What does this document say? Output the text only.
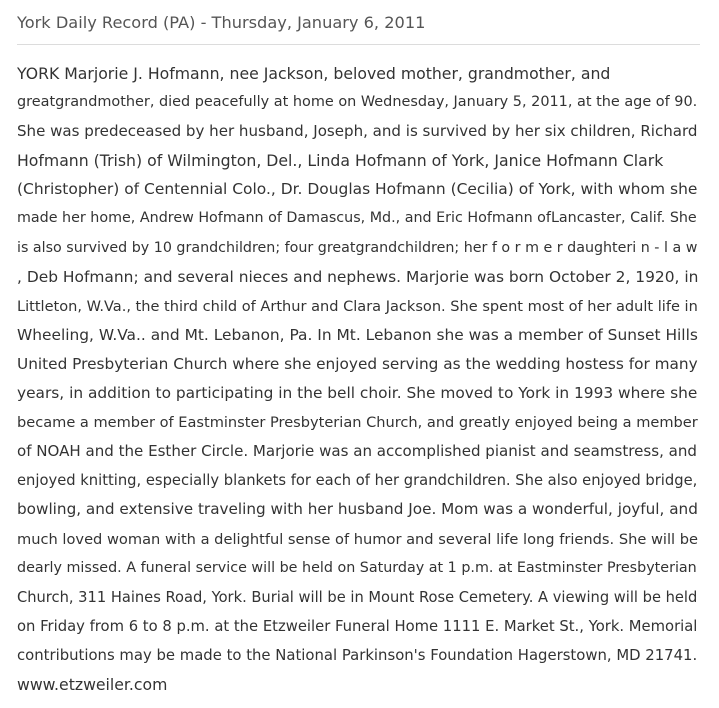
York Daily Record (PA) - Thursday, January 6, 2011
YORK Marjorie J. Hofmann, nee Jackson, beloved mother, grandmother, and
greatgrandmother, died peacefully at home on Wednesday, January 5, 2011, at the age of 90.
She was predeceased by her husband, Joseph, and is survived by her six children, Richard
Hofmann (Trish) of Wilmington, Del., Linda Hofmann of York, Janice Hofmann Clark
(Christopher) of Centennial Colo., Dr. Douglas Hofmann (Cecilia) of York, with whom she
made her home, Andrew Hofmann of Damascus, Md., and Eric Hofmann ofLancaster, Calif. She
is also survived by 10 grandchildren; four greatgrandchildren; her f o r m e r daughteri n - l a w
, Deb Hofmann; and several nieces and nephews. Marjorie was born October 2, 1920, in
Littleton, W.Va., the third child of Arthur and Clara Jackson. She spent most of her adult life in
Wheeling, W.Va.. and Mt. Lebanon, Pa. In Mt. Lebanon she was a member of Sunset Hills
United Presbyterian Church where she enjoyed serving as the wedding hostess for many
years, in addition to participating in the bell choir. She moved to York in 1993 where she
became a member of Eastminster Presbyterian Church, and greatly enjoyed being a member
of NOAH and the Esther Circle. Marjorie was an accomplished pianist and seamstress, and
enjoyed knitting, especially blankets for each of her grandchildren. She also enjoyed bridge,
bowling, and extensive traveling with her husband Joe. Mom was a wonderful, joyful, and
much loved woman with a delightful sense of humor and several life long friends. She will be
dearly missed. A funeral service will be held on Saturday at 1 p.m. at Eastminster Presbyterian
Church, 311 Haines Road, York. Burial will be in Mount Rose Cemetery. A viewing will be held
on Friday from 6 to 8 p.m. at the Etzweiler Funeral Home 1111 E. Market St., York. Memorial
contributions may be made to the National Parkinson's Foundation Hagerstown, MD 21741.
www.etzweiler.com
